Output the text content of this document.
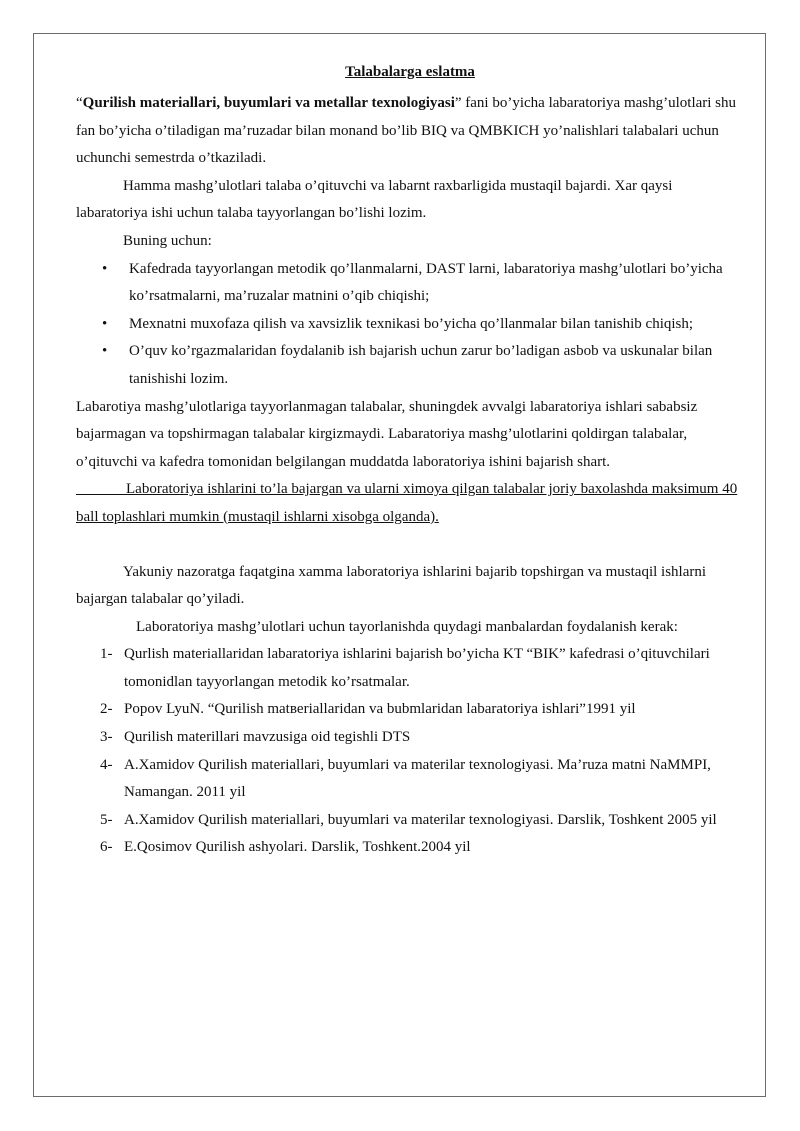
Talabalarga eslatma

“Qurilish materiallari, buyumlari va metallar texnologiyasi” fani bo’yicha labaratoriya mashg’ulotlari shu fan bo’yicha o’tiladigan ma’ruzadar bilan monand bo’lib BIQ va QMBKICH yo’nalishlari talabalari uchun uchunchi semestrda o’tkaziladi.

Hamma mashg’ulotlari talaba o’qituvchi va labarnt raxbarligida mustaqil bajardi. Xar qaysi labaratoriya ishi uchun talaba tayyorlangan bo’lishi lozim.

Buning uchun:

• Kafedrada tayyorlangan metodik qo’llanmalarni, DAST larni, labaratoriya mashg’ulotlari bo’yicha ko’rsatmalarni, ma’ruzalar matnini o’qib chiqishi;
• Mexnatni muxofaza qilish va xavsizlik texnikasi bo’yicha qo’llanmalar bilan tanishib chiqish;
• O’quv ko’rgazmalaridan foydalanib ish bajarish uchun zarur bo’ladigan asbob va uskunalar bilan tanishishi lozim.

Labarotiya mashg’ulotlariga tayyorlanmagan talabalar, shuningdek avvalgi labaratoriya ishlari sababsiz bajarmagan va topshirmagan talabalar kirgizmaydi. Labaratoriya mashg’ulotlarini qoldirgan talabalar, o’qituvchi va kafedra tomonidan belgilangan muddatda laboratoriya ishini bajarish shart.

Laboratoriya ishlarini to’la bajargan va ularni ximoya qilgan talabalar joriy baxolashda maksimum 40 ball toplashlari mumkin (mustaqil ishlarni xisobga olganda).

Yakuniy nazoratga faqatgina xamma laboratoriya ishlarini bajarib topshirgan va mustaqil ishlarni bajargan talabalar qo’yiladi.

Laboratoriya mashg’ulotlari uchun tayorlanishda quydagi manbalardan foydalanish kerak:

1- Qurlish materiallaridan labaratoriya ishlarini bajarish bo’yicha KT “BIK” kafedrasi o’qituvchilari tomonidlan tayyorlangan metodik ko’rsatmalar.
2- Popov LyuN. “Qurilish matвeriallaridan va bubmlaridan labaratoriya ishlari”1991 yil
3- Qurilish materillari mavzusiga oid tegishli DTS
4- A.Xamidov Qurilish materiallari, buyumlari va materilar texnologiyasi. Ma’ruza matni NaMMPI, Namangan. 2011 yil
5- A.Xamidov Qurilish materiallari, buyumlari va materilar texnologiyasi. Darslik, Toshkent 2005 yil
6- E.Qosimov Qurilish ashyolari. Darslik, Toshkent.2004 yil
